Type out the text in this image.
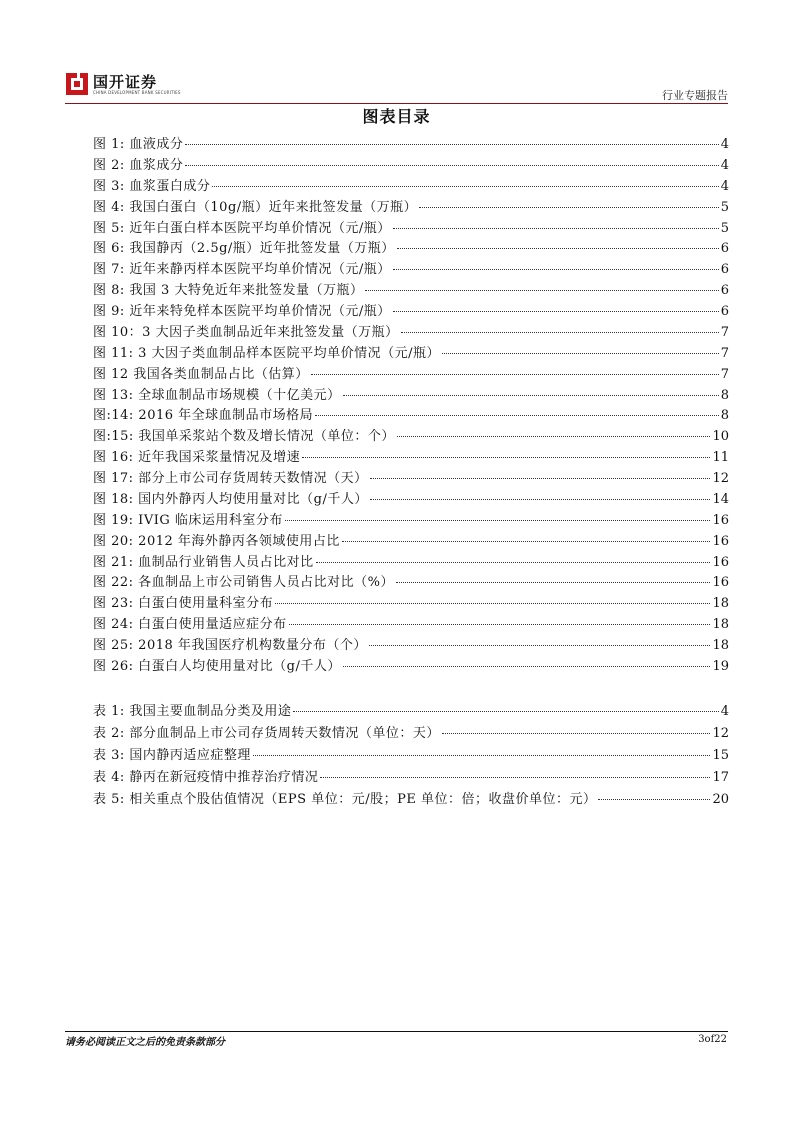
国开证券
CHINA DEVELOPMENT BANK SECURITIES	行业专题报告
图表目录
图 1: 血液成分	4
图 2: 血浆成分	4
图 3: 血浆蛋白成分	4
图 4: 我国白蛋白（10g/瓶）近年来批签发量（万瓶）	5
图 5: 近年白蛋白样本医院平均单价情况（元/瓶）	5
图 6: 我国静丙（2.5g/瓶）近年批签发量（万瓶）	6
图 7: 近年来静丙样本医院平均单价情况（元/瓶）	6
图 8: 我国 3 大特免近年来批签发量（万瓶）	6
图 9: 近年来特免样本医院平均单价情况（元/瓶）	6
图 10：3 大因子类血制品近年来批签发量（万瓶）	7
图 11: 3 大因子类血制品样本医院平均单价情况（元/瓶）	7
图 12 我国各类血制品占比（估算）	7
图 13: 全球血制品市场规模（十亿美元）	8
图:14: 2016 年全球血制品市场格局	8
图:15: 我国单采浆站个数及增长情况（单位：个）	10
图 16: 近年我国采浆量情况及增速	11
图 17: 部分上市公司存货周转天数情况（天）	12
图 18: 国内外静丙人均使用量对比（g/千人）	14
图 19: IVIG 临床运用科室分布	16
图 20: 2012 年海外静丙各领域使用占比	16
图 21: 血制品行业销售人员占比对比	16
图 22: 各血制品上市公司销售人员占比对比（%）	16
图 23: 白蛋白使用量科室分布	18
图 24: 白蛋白使用量适应症分布	18
图 25: 2018 年我国医疗机构数量分布（个）	18
图 26: 白蛋白人均使用量对比（g/千人）	19
表 1: 我国主要血制品分类及用途	4
表 2: 部分血制品上市公司存货周转天数情况（单位：天）	12
表 3: 国内静丙适应症整理	15
表 4: 静丙在新冠疫情中推荐治疗情况	17
表 5: 相关重点个股估值情况（EPS 单位：元/股；PE 单位：倍；收盘价单位：元）	20
请务必阅读正文之后的免责条款部分	3of22
